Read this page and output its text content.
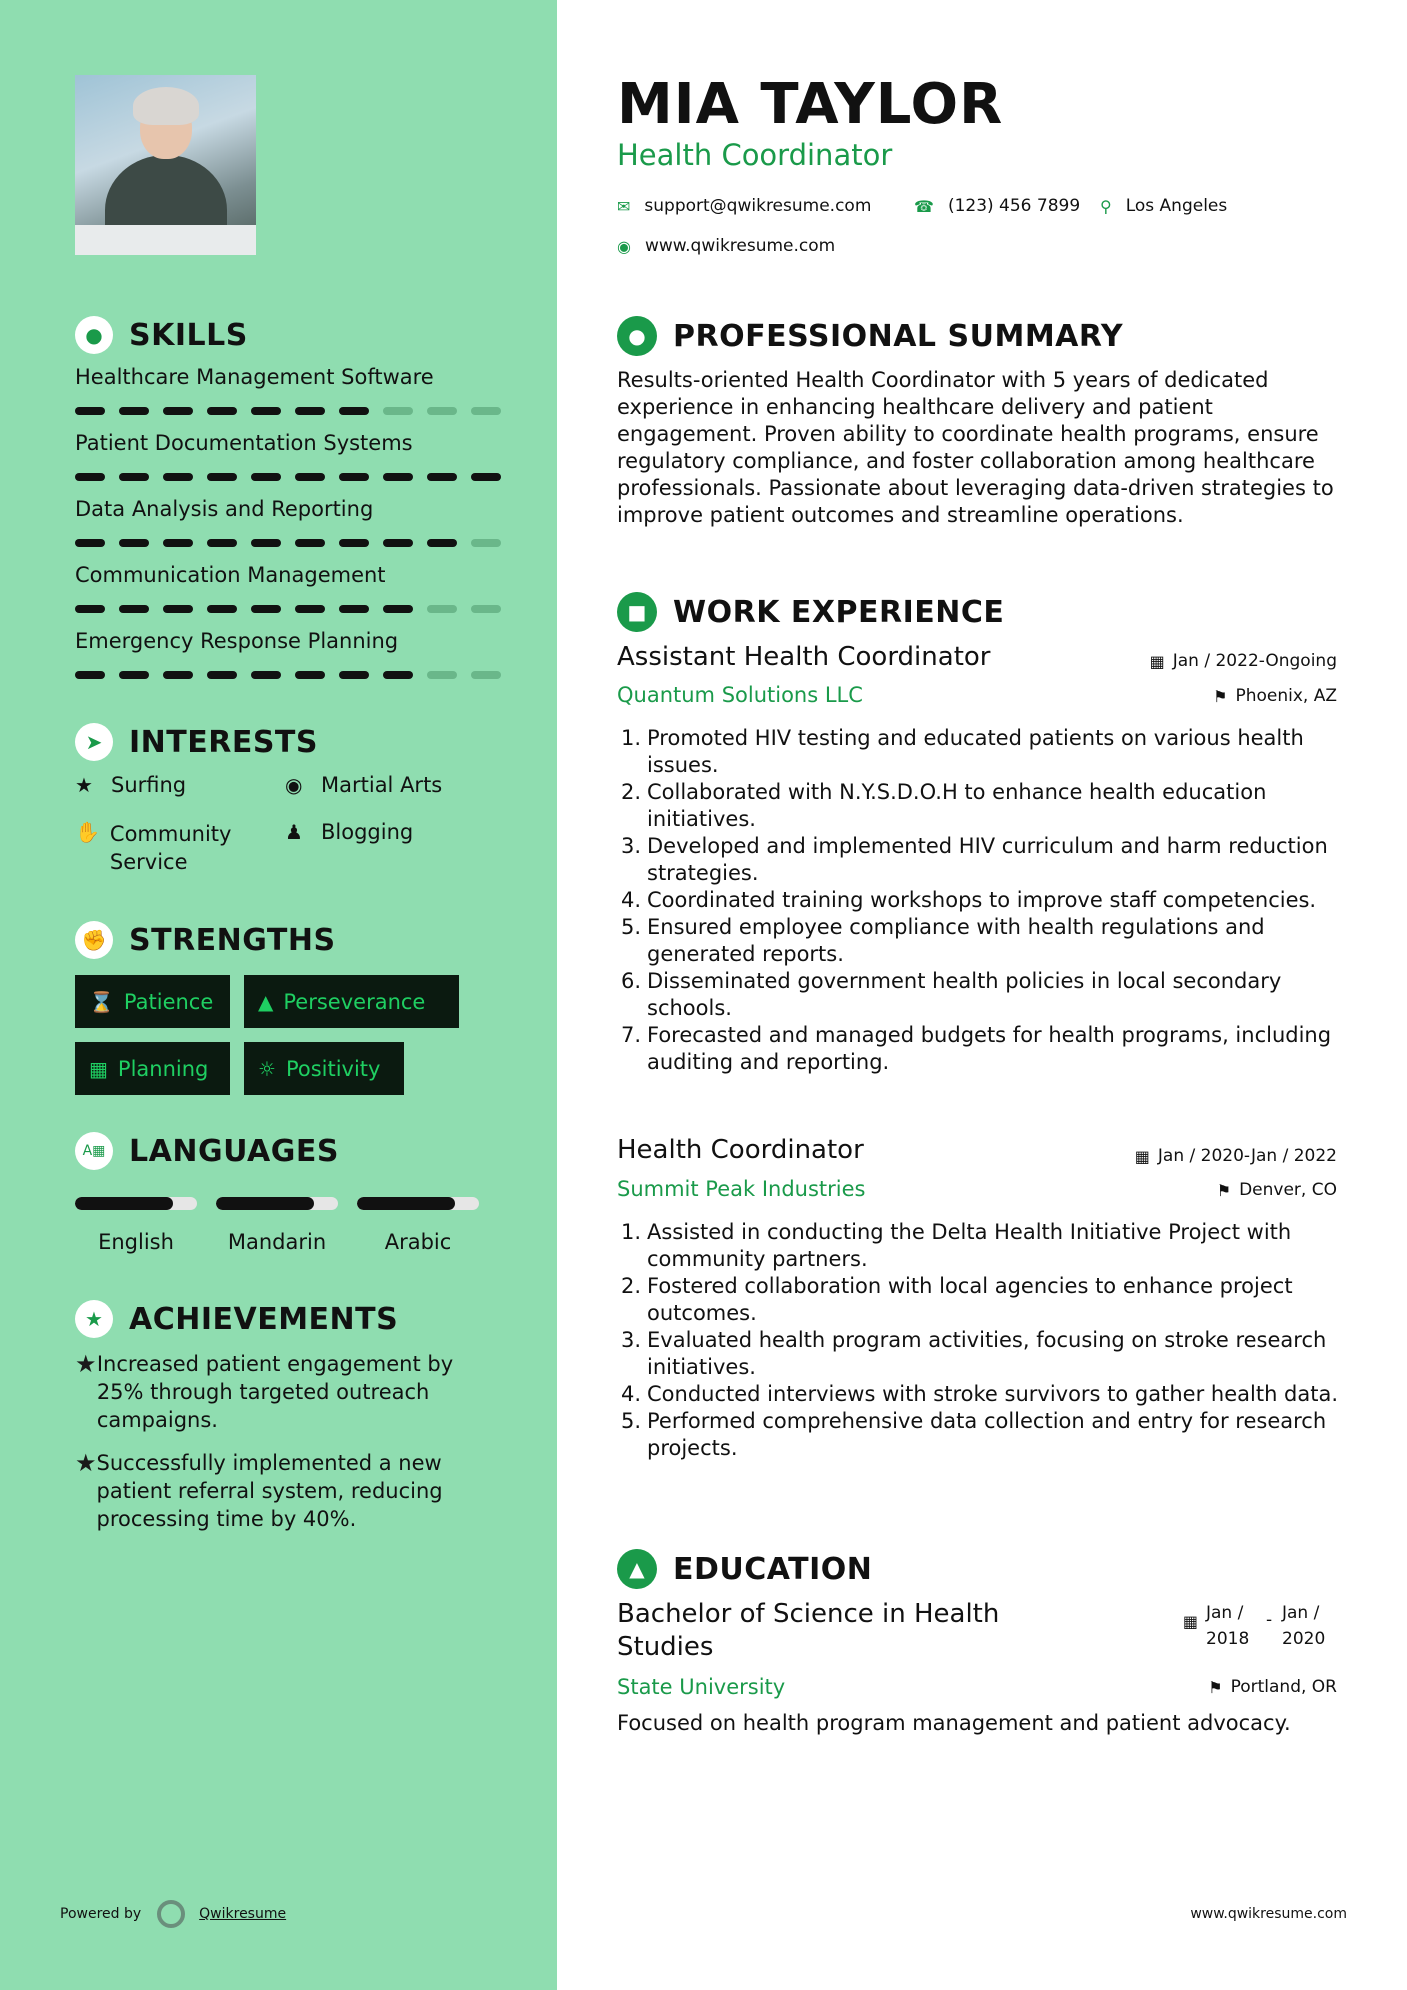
● SKILLS
Healthcare Management Software
Patient Documentation Systems
Data Analysis and Reporting
Communication Management
Emergency Response Planning
➤ INTERESTS
★ Surfing	◉ Martial Arts
✋ Community Service
♟ Blogging
✊ STRENGTHS
⌛ Patience ▲ Perseverance
▦ Planning ☼ Positivity
A▦ LANGUAGES
English	Mandarin	Arabic
★ ACHIEVEMENTS
★ Increased patient engagement by 25% through targeted outreach campaigns.
★ Successfully implemented a new patient referral system, reducing processing time by 40%.
Powered by	Qwikresume
MIA TAYLOR
Health Coordinator
✉ support@qwikresume.com	☎ (123) 456 7899 ⚲ Los Angeles
◉ www.qwikresume.com
● PROFESSIONAL SUMMARY
Results-oriented Health Coordinator with 5 years of dedicated experience in enhancing healthcare delivery and patient engagement. Proven ability to coordinate health programs, ensure regulatory compliance, and foster collaboration among healthcare professionals. Passionate about leveraging data-driven strategies to improve patient outcomes and streamline operations.
■ WORK EXPERIENCE
Assistant Health Coordinator	▦ Jan / 2022-Ongoing
Quantum Solutions LLC	⚑ Phoenix, AZ
1. Promoted HIV testing and educated patients on various health issues.
2. Collaborated with N.Y.S.D.O.H to enhance health education initiatives.
3. Developed and implemented HIV curriculum and harm reduction strategies.
4. Coordinated training workshops to improve staff competencies.
5. Ensured employee compliance with health regulations and generated reports.
6. Disseminated government health policies in local secondary schools.
7. Forecasted and managed budgets for health programs, including auditing and reporting.
Health Coordinator	▦ Jan / 2020-Jan / 2022
Summit Peak Industries	⚑ Denver, CO
1. Assisted in conducting the Delta Health Initiative Project with community partners.
2. Fostered collaboration with local agencies to enhance project outcomes.
3. Evaluated health program activities, focusing on stroke research initiatives.
4. Conducted interviews with stroke survivors to gather health data.
5. Performed comprehensive data collection and entry for research projects.
▲ EDUCATION
Bachelor of Science in Health Studies
▦ Jan / 2018
- Jan / 2020
State University	⚑ Portland, OR
Focused on health program management and patient advocacy.
www.qwikresume.com
